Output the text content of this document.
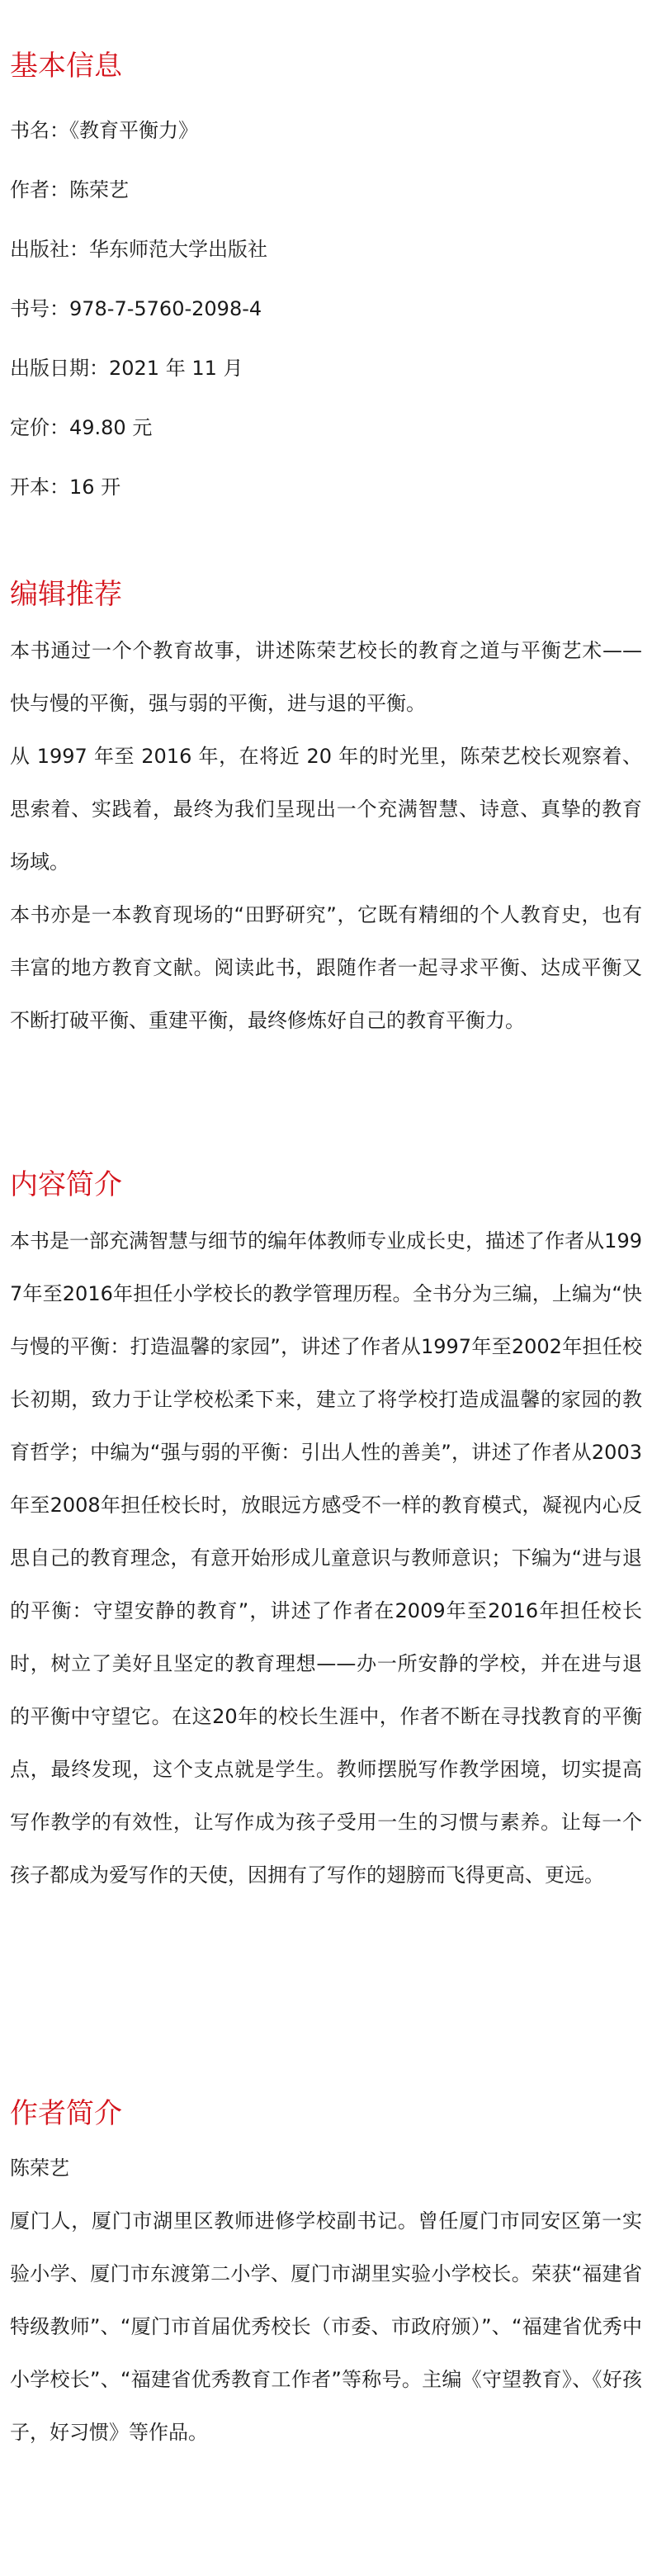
基本信息
书名：《教育平衡力》
作者：陈荣艺
出版社：华东师范大学出版社
书号：978-7-5760-2098-4
出版日期：2021 年 11 月
定价：49.80 元
开本：16 开
编辑推荐

本书通过一个个教育故事，讲述陈荣艺校长的教育之道与平衡艺术——快与慢的平衡，强与弱的平衡，进与退的平衡。

从 1997 年至 2016 年，在将近 20 年的时光里，陈荣艺校长观察着、思索着、实践着，最终为我们呈现出一个充满智慧、诗意、真挚的教育场域。

本书亦是一本教育现场的“田野研究”，它既有精细的个人教育史，也有丰富的地方教育文献。阅读此书，跟随作者一起寻求平衡、达成平衡又不断打破平衡、重建平衡，最终修炼好自己的教育平衡力。

内容简介

本书是一部充满智慧与细节的编年体教师专业成长史，描述了作者从1997年至2016年担任小学校长的教学管理历程。全书分为三编，上编为“快与慢的平衡：打造温馨的家园”，讲述了作者从1997年至2002年担任校长初期，致力于让学校松柔下来，建立了将学校打造成温馨的家园的教育哲学；中编为“强与弱的平衡：引出人性的善美”，讲述了作者从2003年至2008年担任校长时，放眼远方感受不一样的教育模式，凝视内心反思自己的教育理念，有意开始形成儿童意识与教师意识；下编为“进与退的平衡：守望安静的教育”，讲述了作者在2009年至2016年担任校长时，树立了美好且坚定的教育理想——办一所安静的学校，并在进与退的平衡中守望它。在这20年的校长生涯中，作者不断在寻找教育的平衡点，最终发现，这个支点就是学生。教师摆脱写作教学困境，切实提高写作教学的有效性，让写作成为孩子受用一生的习惯与素养。让每一个孩子都成为爱写作的天使，因拥有了写作的翅膀而飞得更高、更远。

作者简介

陈荣艺

厦门人，厦门市湖里区教师进修学校副书记。曾任厦门市同安区第一实验小学、厦门市东渡第二小学、厦门市湖里实验小学校长。荣获“福建省特级教师”、“厦门市首届优秀校长（市委、市政府颁）”、“福建省优秀中小学校长”、“福建省优秀教育工作者”等称号。主编《守望教育》、《好孩子，好习惯》等作品。
